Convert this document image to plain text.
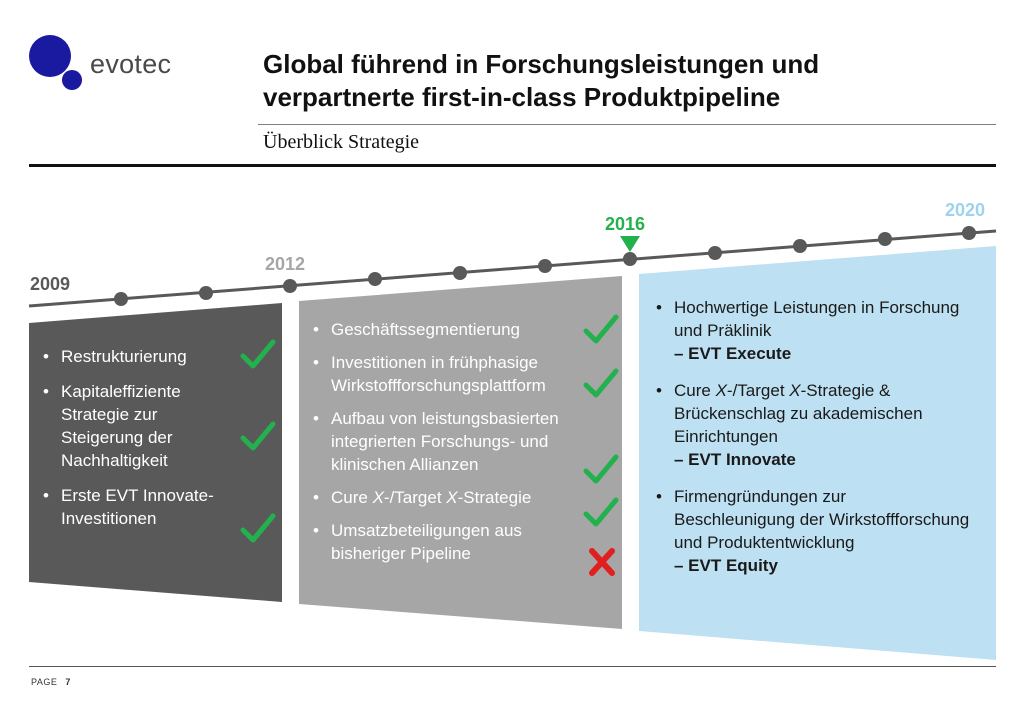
evotec	Global führend in Forschungsleistungen und
verpartnerte first-in-class Produktpipeline
Überblick Strategie
2009
2012
2016
2020
• Restrukturierung
• Kapitaleffiziente Strategie zur Steigerung der Nachhaltigkeit
• Erste EVT Innovate-Investitionen
• Geschäftssegmentierung
• Investitionen in frühphasige Wirkstoffforschungsplattform
• Aufbau von leistungsbasierten integrierten Forschungs- und klinischen Allianzen
• Cure X-/Target X-Strategie
• Umsatzbeteiligungen aus bisheriger Pipeline
• Hochwertige Leistungen in Forschung und Präklinik
– EVT Execute
• Cure X-/Target X-Strategie & Brückenschlag zu akademischen Einrichtungen
– EVT Innovate
• Firmengründungen zur Beschleunigung der Wirkstoffforschung und Produktentwicklung
– EVT Equity
PAGE 7
